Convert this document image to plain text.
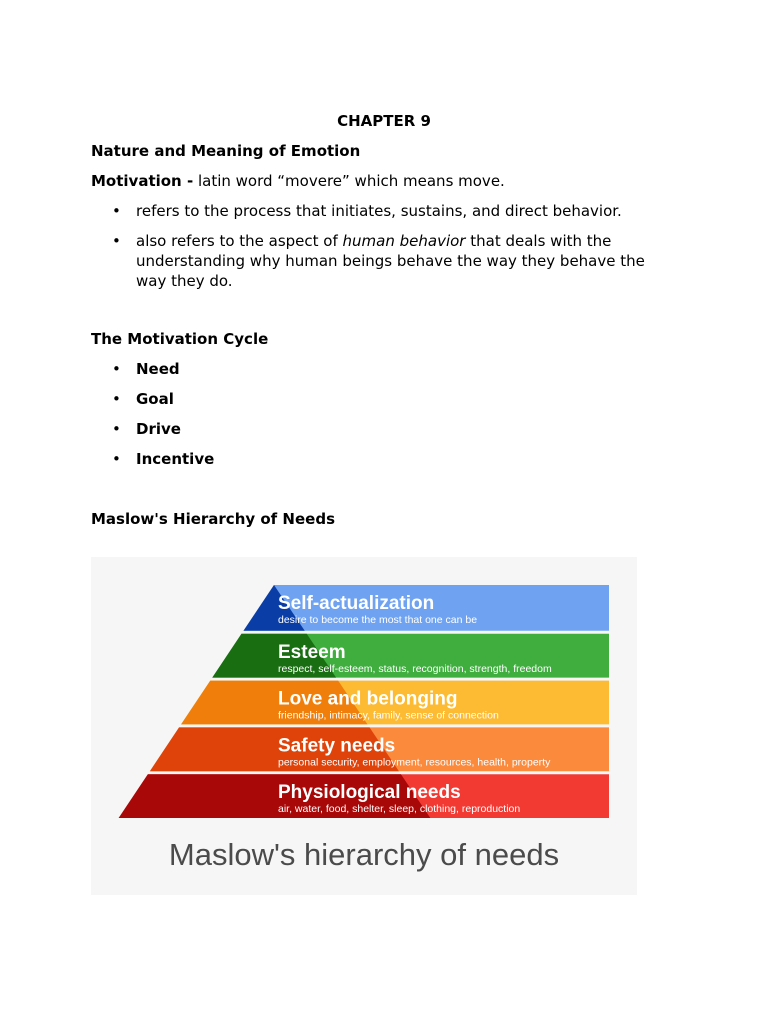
CHAPTER 9
Nature and Meaning of Emotion
Motivation - latin word “movere” which means move.
• refers to the process that initiates, sustains, and direct behavior.
• also refers to the aspect of human behavior that deals with the understanding why human beings behave the way they behave the way they do.
The Motivation Cycle
• Need
• Goal
• Drive
• Incentive
Maslow's Hierarchy of Needs
Self-actualization
desire to become the most that one can be
Esteem
respect, self-esteem, status, recognition, strength, freedom
Love and belonging
friendship, intimacy, family, sense of connection
Safety needs
personal security, employment, resources, health, property
Physiological needs
air, water, food, shelter, sleep, clothing, reproduction
Maslow's hierarchy of needs
